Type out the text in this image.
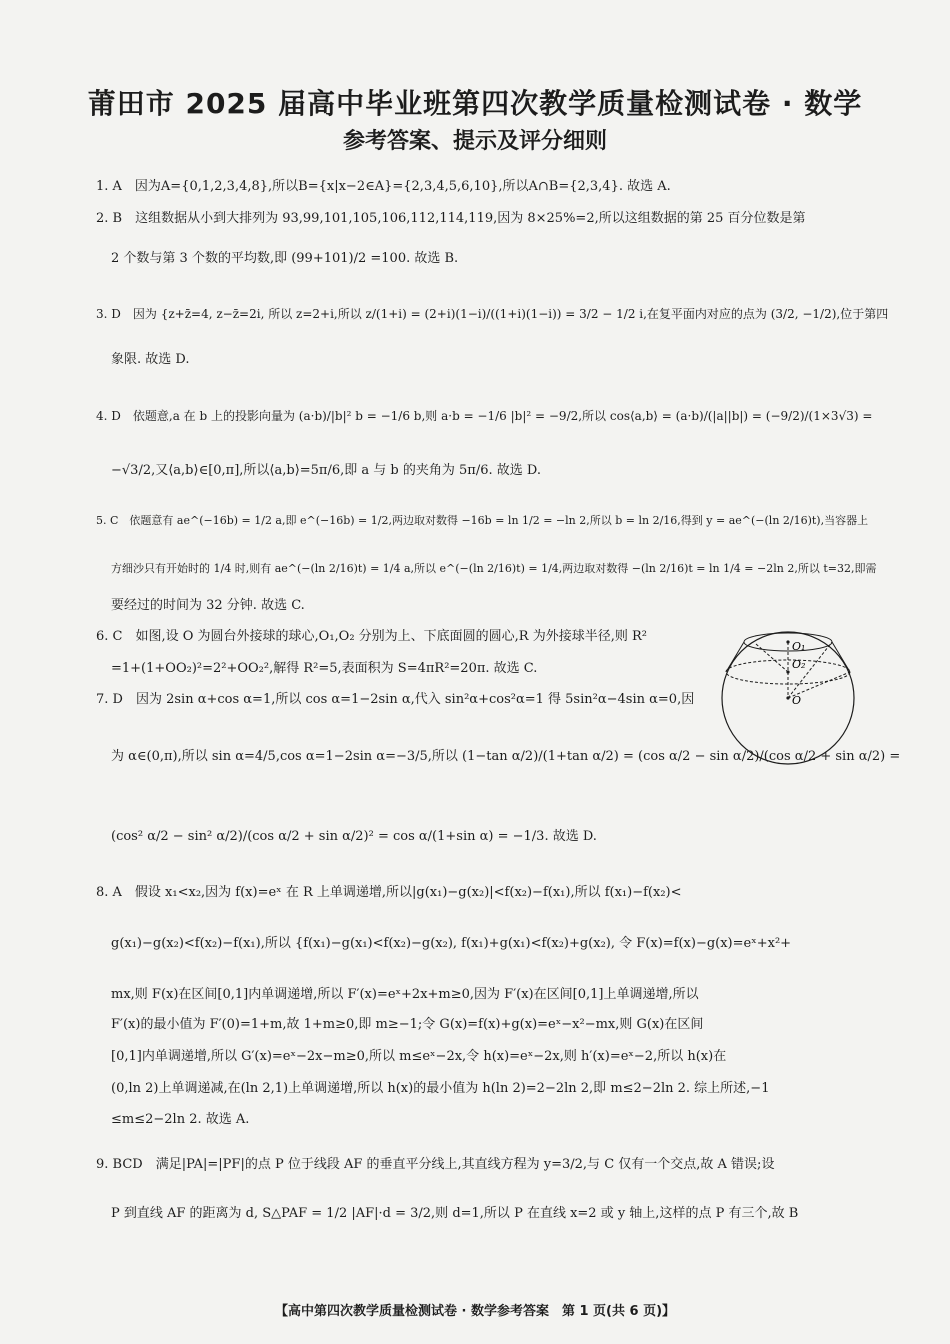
莆田市 2025 届高中毕业班第四次教学质量检测试卷 · 数学
参考答案、提示及评分细则
1. A　因为A={0,1,2,3,4,8},所以B={x|x−2∈A}={2,3,4,5,6,10},所以A∩B={2,3,4}. 故选 A.
2. B　这组数据从小到大排列为 93,99,101,105,106,112,114,119,因为 8×25%=2,所以这组数据的第 25 百分位数是第
2 个数与第 3 个数的平均数,即 (99+101)/2 =100. 故选 B.
3. D　因为 {z+z̄=4, z−z̄=2i, 所以 z=2+i,所以 z/(1+i) = (2+i)(1−i)/((1+i)(1−i)) = 3/2 − 1/2 i,在复平面内对应的点为 (3/2, −1/2),位于第四
象限. 故选 D.
4. D　依题意,a 在 b 上的投影向量为 (a·b)/|b|² b = −1/6 b,则 a·b = −1/6 |b|² = −9/2,所以 cos⟨a,b⟩ = (a·b)/(|a||b|) = (−9/2)/(1×3√3) =
−√3/2,又⟨a,b⟩∈[0,π],所以⟨a,b⟩=5π/6,即 a 与 b 的夹角为 5π/6. 故选 D.
5. C　依题意有 ae^(−16b) = 1/2 a,即 e^(−16b) = 1/2,两边取对数得 −16b = ln 1/2 = −ln 2,所以 b = ln 2/16,得到 y = ae^(−(ln 2/16)t),当容器上
方细沙只有开始时的 1/4 时,则有 ae^(−(ln 2/16)t) = 1/4 a,所以 e^(−(ln 2/16)t) = 1/4,两边取对数得 −(ln 2/16)t = ln 1/4 = −2ln 2,所以 t=32,即需
要经过的时间为 32 分钟. 故选 C.
6. C　如图,设 O 为圆台外接球的球心,O₁,O₂ 分别为上、下底面圆的圆心,R 为外接球半径,则 R²
=1+(1+OO₂)²=2²+OO₂²,解得 R²=5,表面积为 S=4πR²=20π. 故选 C.
7. D　因为 2sin α+cos α=1,所以 cos α=1−2sin α,代入 sin²α+cos²α=1 得 5sin²α−4sin α=0,因
为 α∈(0,π),所以 sin α=4/5,cos α=1−2sin α=−3/5,所以 (1−tan α/2)/(1+tan α/2) = (cos α/2 − sin α/2)/(cos α/2 + sin α/2) =
(cos² α/2 − sin² α/2)/(cos α/2 + sin α/2)² = cos α/(1+sin α) = −1/3. 故选 D.
8. A　假设 x₁<x₂,因为 f(x)=eˣ 在 R 上单调递增,所以|g(x₁)−g(x₂)|<f(x₂)−f(x₁),所以 f(x₁)−f(x₂)<
g(x₁)−g(x₂)<f(x₂)−f(x₁),所以 {f(x₁)−g(x₁)<f(x₂)−g(x₂), f(x₁)+g(x₁)<f(x₂)+g(x₂), 令 F(x)=f(x)−g(x)=eˣ+x²+
mx,则 F(x)在区间[0,1]内单调递增,所以 F′(x)=eˣ+2x+m≥0,因为 F′(x)在区间[0,1]上单调递增,所以
F′(x)的最小值为 F′(0)=1+m,故 1+m≥0,即 m≥−1;令 G(x)=f(x)+g(x)=eˣ−x²−mx,则 G(x)在区间
[0,1]内单调递增,所以 G′(x)=eˣ−2x−m≥0,所以 m≤eˣ−2x,令 h(x)=eˣ−2x,则 h′(x)=eˣ−2,所以 h(x)在
(0,ln 2)上单调递减,在(ln 2,1)上单调递增,所以 h(x)的最小值为 h(ln 2)=2−2ln 2,即 m≤2−2ln 2. 综上所述,−1
≤m≤2−2ln 2. 故选 A.
9. BCD　满足|PA|=|PF|的点 P 位于线段 AF 的垂直平分线上,其直线方程为 y=3/2,与 C 仅有一个交点,故 A 错误;设
P 到直线 AF 的距离为 d, S△PAF = 1/2 |AF|·d = 3/2,则 d=1,所以 P 在直线 x=2 或 y 轴上,这样的点 P 有三个,故 B
O₁
O₂
O
【高中第四次教学质量检测试卷 · 数学参考答案　第 1 页(共 6 页)】
